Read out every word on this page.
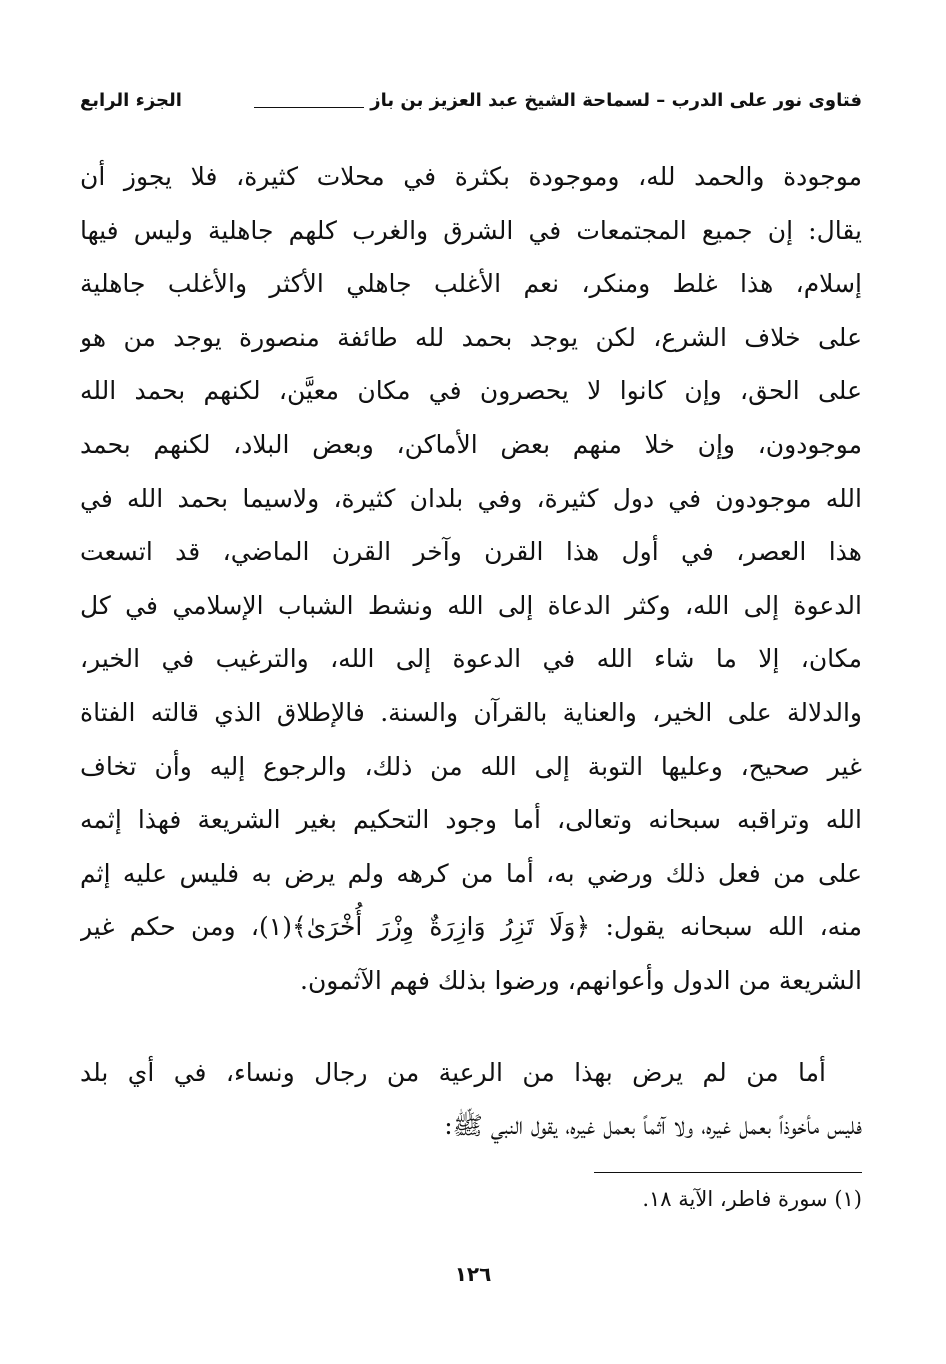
فتاوى نور على الدرب

– لسماحة الشيخ عبد العزيز بن باز
الجزء الرابع
موجودة والحمد لله، وموجودة بكثرة في محلات كثيرة، فلا يجوز أن
يقال: إن جميع المجتمعات في الشرق والغرب كلهم جاهلية وليس فيها
إسلام، هذا غلط ومنكر، نعم الأغلب جاهلي الأكثر والأغلب جاهلية
على خلاف الشرع، لكن يوجد بحمد لله طائفة منصورة يوجد من هو
على الحق، وإن كانوا لا يحصرون في مكان معيَّن، لكنهم بحمد الله
موجودون، وإن خلا منهم بعض الأماكن، وبعض البلاد، لكنهم بحمد
الله موجودون في دول كثيرة، وفي بلدان كثيرة، ولاسيما بحمد الله في
هذا العصر، في أول هذا القرن وآخر القرن الماضي، قد اتسعت
الدعوة إلى الله، وكثر الدعاة إلى الله ونشط الشباب الإسلامي في كل
مكان، إلا ما شاء الله في الدعوة إلى الله، والترغيب في الخير،
والدلالة على الخير، والعناية بالقرآن والسنة. فالإطلاق الذي قالته الفتاة
غير صحيح، وعليها التوبة إلى الله من ذلك، والرجوع إليه وأن تخاف
الله وتراقبه سبحانه وتعالى، أما وجود التحكيم بغير الشريعة فهذا إثمه
على من فعل ذلك ورضي به، أما من كرهه ولم يرض به فليس عليه إثم
منه، الله سبحانه يقول: ﴿وَلَا تَزِرُ وَازِرَةٌ وِزْرَ أُخْرَىٰ﴾(١)، ومن حكم غير
الشريعة من الدول وأعوانهم، ورضوا بذلك فهم الآثمون.
أما من لم يرض بهذا من الرعية من رجال ونساء، في أي بلد
فليس مأخوذاً بعمل غيره، ولا آثماً بعمل غيره، يقول النبي ﷺ:
(١) سورة فاطر، الآية ١٨.
١٢٦
